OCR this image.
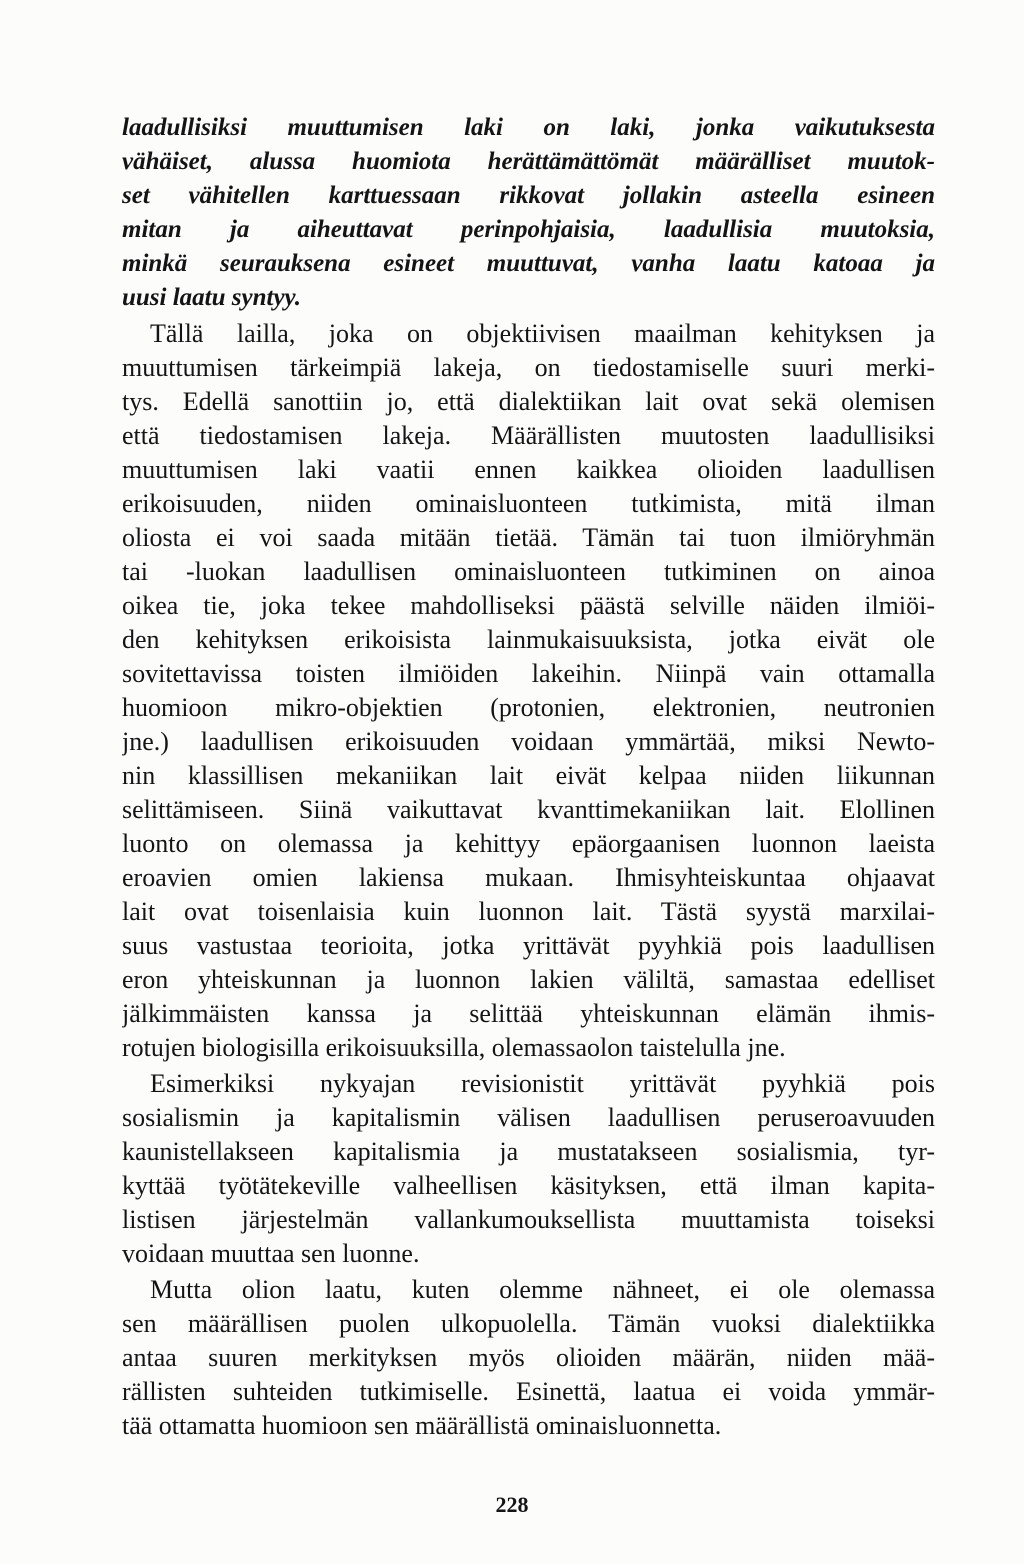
laadullisiksi muuttumisen laki on laki, jonka vaikutuksesta
vähäiset, alussa huomiota herättämättömät määrälliset muutok-
set vähitellen karttuessaan rikkovat jollakin asteella esineen
mitan ja aiheuttavat perinpohjaisia, laadullisia muutoksia,
minkä seurauksena esineet muuttuvat, vanha laatu katoaa ja
uusi laatu syntyy.
Tällä lailla, joka on objektiivisen maailman kehityksen ja
muuttumisen tärkeimpiä lakeja, on tiedostamiselle suuri merki-
tys. Edellä sanottiin jo, että dialektiikan lait ovat sekä olemisen
että tiedostamisen lakeja. Määrällisten muutosten laadullisiksi
muuttumisen laki vaatii ennen kaikkea olioiden laadullisen
erikoisuuden, niiden ominaisluonteen tutkimista, mitä ilman
oliosta ei voi saada mitään tietää. Tämän tai tuon ilmiöryhmän
tai -luokan laadullisen ominaisluonteen tutkiminen on ainoa
oikea tie, joka tekee mahdolliseksi päästä selville näiden ilmiöi-
den kehityksen erikoisista lainmukaisuuksista, jotka eivät ole
sovitettavissa toisten ilmiöiden lakeihin. Niinpä vain ottamalla
huomioon mikro-objektien (protonien, elektronien, neutronien
jne.) laadullisen erikoisuuden voidaan ymmärtää, miksi Newto-
nin klassillisen mekaniikan lait eivät kelpaa niiden liikunnan
selittämiseen. Siinä vaikuttavat kvanttimekaniikan lait. Elollinen
luonto on olemassa ja kehittyy epäorgaanisen luonnon laeista
eroavien omien lakiensa mukaan. Ihmisyhteiskuntaa ohjaavat
lait ovat toisenlaisia kuin luonnon lait. Tästä syystä marxilai-
suus vastustaa teorioita, jotka yrittävät pyyhkiä pois laadullisen
eron yhteiskunnan ja luonnon lakien väliltä, samastaa edelliset
jälkimmäisten kanssa ja selittää yhteiskunnan elämän ihmis-
rotujen biologisilla erikoisuuksilla, olemassaolon taistelulla jne.
Esimerkiksi nykyajan revisionistit yrittävät pyyhkiä pois
sosialismin ja kapitalismin välisen laadullisen peruseroavuuden
kaunistellakseen kapitalismia ja mustatakseen sosialismia, tyr-
kyttää työtätekeville valheellisen käsityksen, että ilman kapita-
listisen järjestelmän vallankumouksellista muuttamista toiseksi
voidaan muuttaa sen luonne.
Mutta olion laatu, kuten olemme nähneet, ei ole olemassa
sen määrällisen puolen ulkopuolella. Tämän vuoksi dialektiikka
antaa suuren merkityksen myös olioiden määrän, niiden mää-
rällisten suhteiden tutkimiselle. Esinettä, laatua ei voida ymmär-
tää ottamatta huomioon sen määrällistä ominaisluonnetta.
228
